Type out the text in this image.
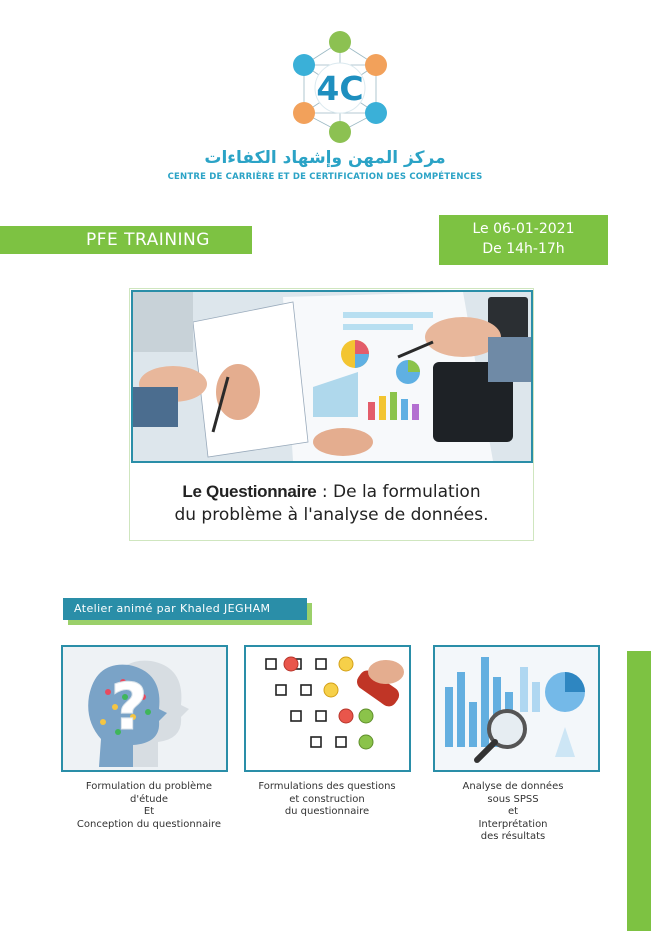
4C
مركز المهن وإشهاد الكفاءات
CENTRE DE CARRIÈRE ET DE CERTIFICATION DES COMPÉTENCES
PFE TRAINING
Le 06-01-2021
De 14h-17h
Le Questionnaire : De la formulation
du problème à l'analyse de données.
Atelier animé par Khaled JEGHAM
?
Formulation du problème
d'étude
Et
Conception du questionnaire
Formulations des questions
et construction
du questionnaire
Analyse de données
sous SPSS
et
Interprétation
des résultats
